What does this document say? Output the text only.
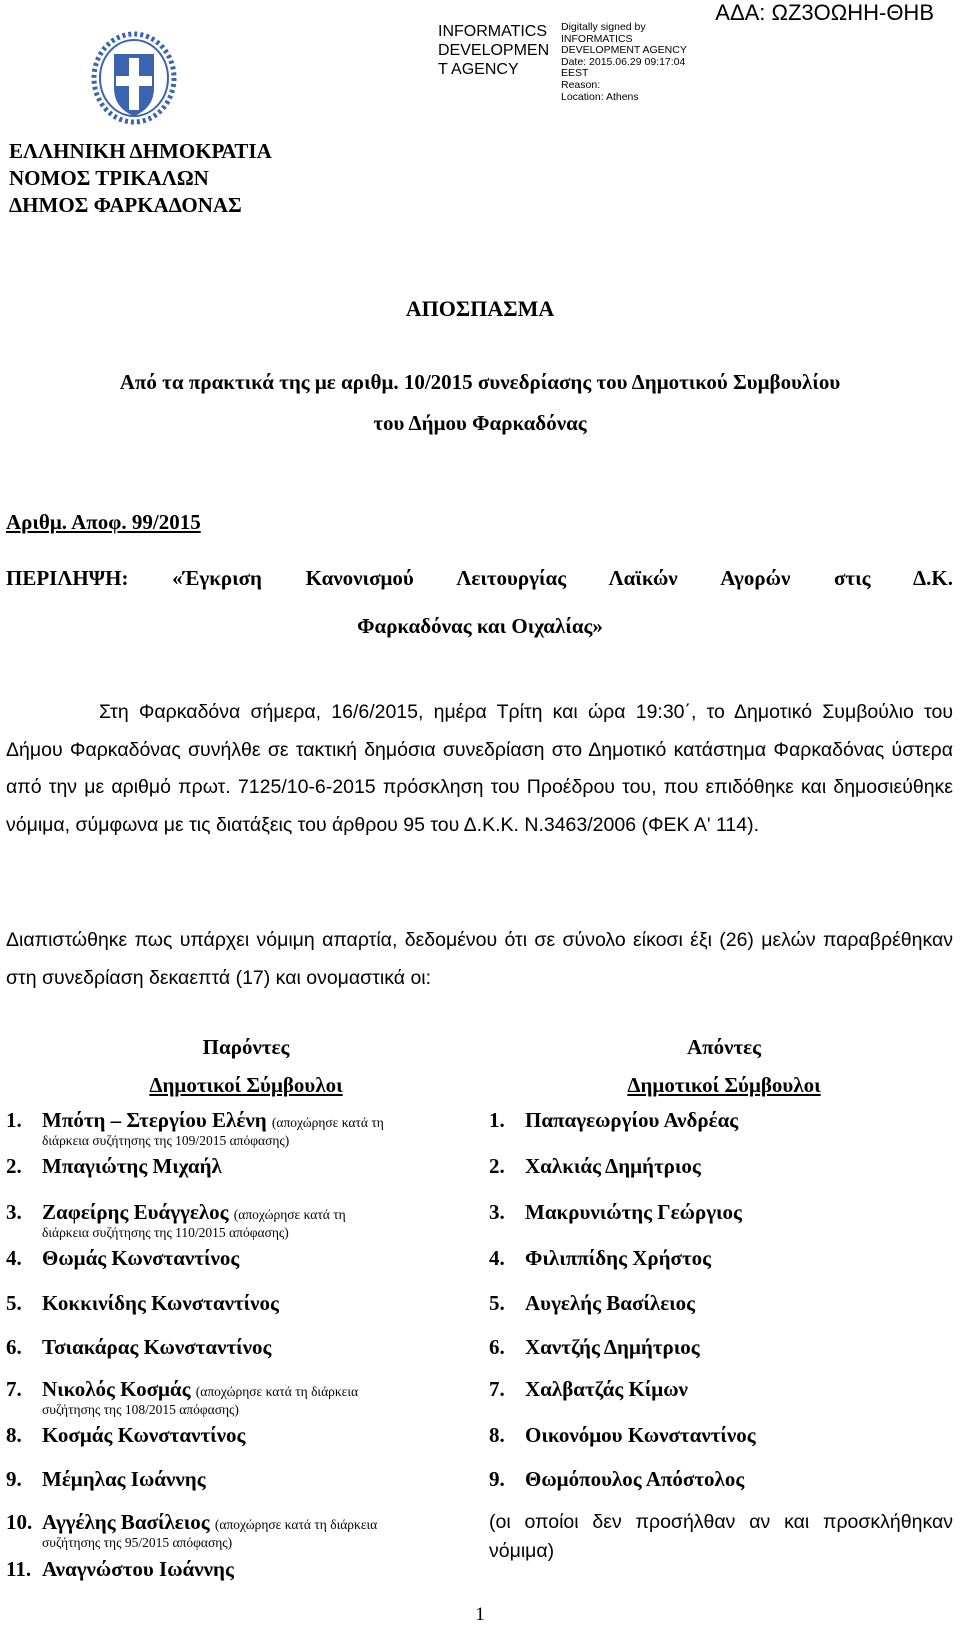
ΑΔΑ: ΩΖ3ΟΩΗΗ-ΘΗΒ
INFORMATICS
DEVELOPMEN
T AGENCY
Digitally signed by
INFORMATICS
DEVELOPMENT AGENCY
Date: 2015.06.29 09:17:04
EEST
Reason:
Location: Athens
ΕΛΛΗΝΙΚΗ ΔΗΜΟΚΡΑΤΙΑ
ΝΟΜΟΣ ΤΡΙΚΑΛΩΝ
ΔΗΜΟΣ ΦΑΡΚΑΔΟΝΑΣ
ΑΠΟΣΠΑΣΜΑ
Από τα πρακτικά της με αριθμ. 10/2015 συνεδρίασης του Δημοτικού Συμβουλίου
του Δήμου Φαρκαδόνας
Αριθμ. Αποφ. 99/2015
ΠΕΡΙΛΗΨΗ: «Έγκριση Κανονισμού Λειτουργίας Λαϊκών Αγορών στις Δ.Κ.
Φαρκαδόνας και Οιχαλίας»
Στη Φαρκαδόνα σήμερα, 16/6/2015, ημέρα Τρίτη και ώρα 19:30΄, το Δημοτικό Συμβούλιο του Δήμου Φαρκαδόνας συνήλθε σε τακτική δημόσια συνεδρίαση στο Δημοτικό κατάστημα Φαρκαδόνας ύστερα από την με αριθμό πρωτ. 7125/10-6-2015 πρόσκληση του Προέδρου του, που επιδόθηκε και δημοσιεύθηκε νόμιμα, σύμφωνα με τις διατάξεις του άρθρου 95 του Δ.Κ.Κ. Ν.3463/2006 (ΦΕΚ Α' 114).
Διαπιστώθηκε πως υπάρχει νόμιμη απαρτία, δεδομένου ότι σε σύνολο είκοσι έξι (26) μελών παραβρέθηκαν στη συνεδρίαση δεκαεπτά (17) και ονομαστικά οι:
Παρόντες
Δημοτικοί Σύμβουλοι
Απόντες
Δημοτικοί Σύμβουλοι
1. Μπότη – Στεργίου Ελένη (αποχώρησε κατά τη
διάρκεια συζήτησης της 109/2015 απόφασης)
2. Μπαγιώτης Μιχαήλ
3. Ζαφείρης Ευάγγελος (αποχώρησε κατά τη
διάρκεια συζήτησης της 110/2015 απόφασης)
4. Θωμάς Κωνσταντίνος
5. Κοκκινίδης Κωνσταντίνος
6. Τσιακάρας Κωνσταντίνος
7. Νικολός Κοσμάς (αποχώρησε κατά τη διάρκεια
συζήτησης της 108/2015 απόφασης)
8. Κοσμάς Κωνσταντίνος
9. Μέμηλας Ιωάννης
10. Αγγέλης Βασίλειος (αποχώρησε κατά τη διάρκεια
συζήτησης της 95/2015 απόφασης)
11. Αναγνώστου Ιωάννης
1. Παπαγεωργίου Ανδρέας
2. Χαλκιάς Δημήτριος
3. Μακρυνιώτης Γεώργιος
4. Φιλιππίδης Χρήστος
5. Αυγελής Βασίλειος
6. Χαντζής Δημήτριος
7. Χαλβατζάς Κίμων
8. Οικονόμου Κωνσταντίνος
9. Θωμόπουλος Απόστολος
(οι οποίοι δεν προσήλθαν αν και προσκλήθηκαν νόμιμα)
1
